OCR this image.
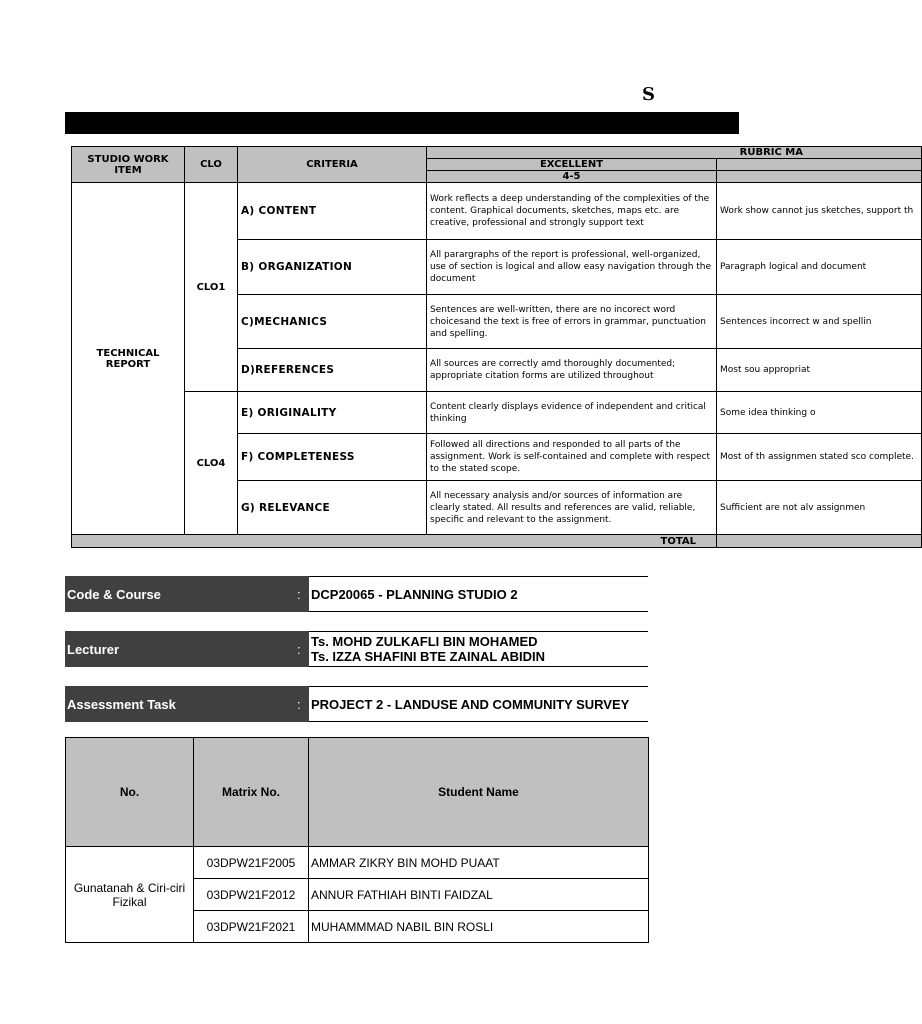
S
STUDIO WORK ITEM	CLO	CRITERIA	RUBRIC MA	
			EXCELLENT	
			4-5	
TECHNICAL REPORT	CLO1	A) CONTENT	Work reflects a deep understanding of the complexities of the content. Graphical documents, sketches, maps etc. are creative, professional and strongly support text	Work show cannot jus sketches, support th
		B) ORGANIZATION	All parargraphs of the report is professional, well-organized, use of section is logical and allow easy navigation through the document	Paragraph logical and document
		C)MECHANICS	Sentences are well-written, there are no incorect word choicesand the text is free of errors in grammar, punctuation and spelling.	Sentences incorrect w and spellin
		D)REFERENCES	All sources are correctly amd thoroughly documented; appropriate citation forms are utilized throughout	Most sou appropriat
	CLO4	E) ORIGINALITY	Content clearly displays evidence of independent and critical thinking	Some idea thinking o
		F) COMPLETENESS	Followed all directions and responded to all parts of the assignment. Work is self-contained and complete with respect to the stated scope.	Most of th assignmen stated sco complete.
		G) RELEVANCE	All necessary analysis and/or sources of information are clearly stated. All results and references are valid, reliable, specific and relevant to the assignment.	Sufficient are not alv assignmen
TOTAL				
Code & Course	: DCP20065 - PLANNING STUDIO 2
Lecturer	: Ts. MOHD ZULKAFLI BIN MOHAMED
Ts. IZZA SHAFINI BTE ZAINAL ABIDIN
Assessment Task	: PROJECT 2 - LANDUSE AND COMMUNITY SURVEY
No.	Matrix No.	Student Name
Gunatanah & Ciri-ciri Fizikal	03DPW21F2005	AMMAR ZIKRY BIN MOHD PUAAT
	03DPW21F2012	ANNUR FATHIAH BINTI FAIDZAL
	03DPW21F2021	MUHAMMMAD NABIL BIN ROSLI
